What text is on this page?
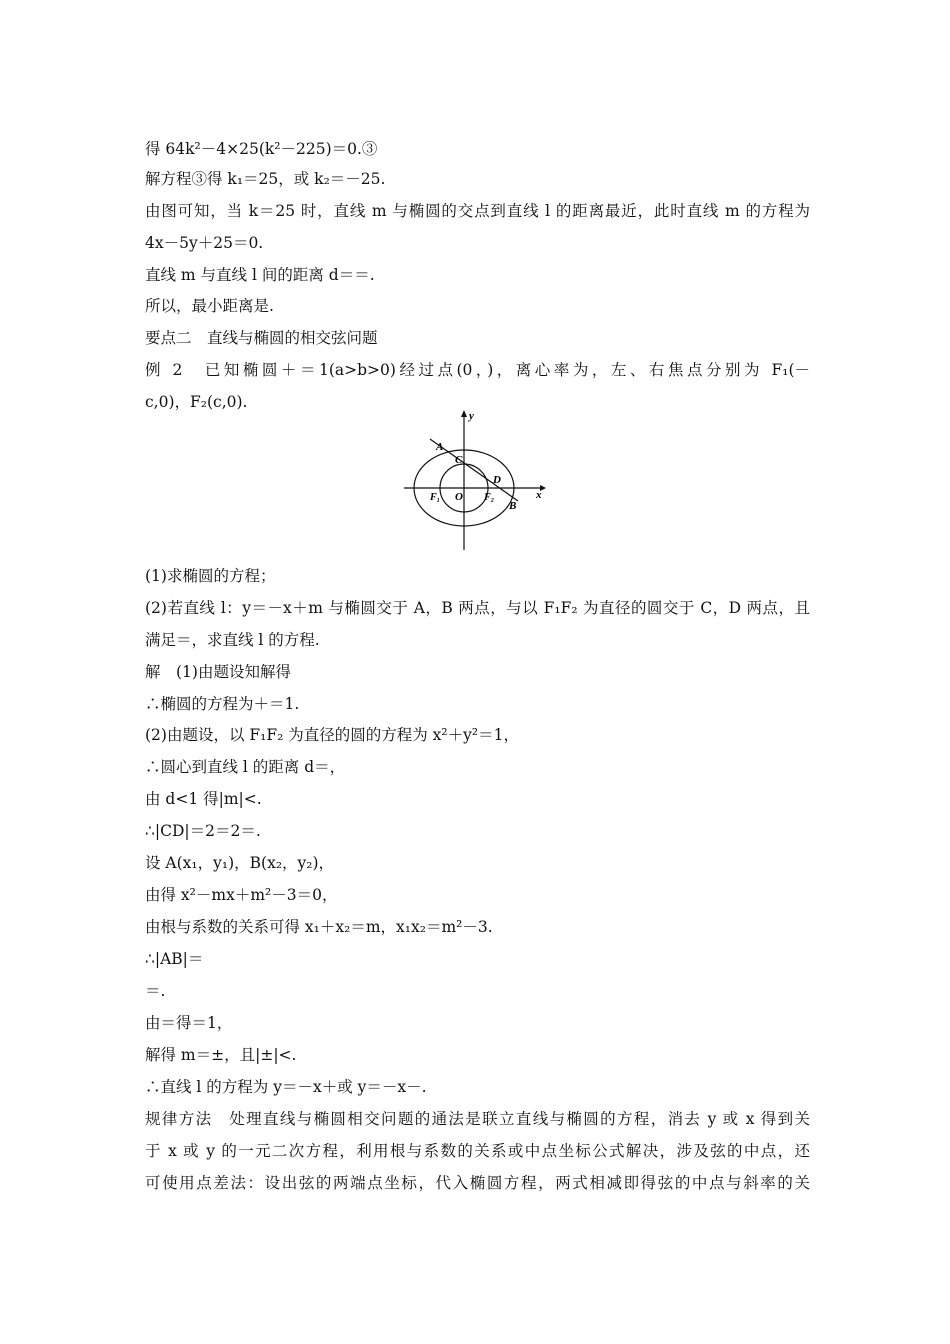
得 64k²－4×25(k²－225)＝0.③
解方程③得 k₁＝25，或 k₂＝－25.
由图可知，当 k＝25 时，直线 m 与椭圆的交点到直线 l 的距离最近，此时直线 m 的方程为
4x－5y＋25＝0.
直线 m 与直线 l 间的距离 d＝＝.
所以，最小距离是.
要点二　直线与椭圆的相交弦问题
例 2　已知椭圆＋＝1(a>b>0)经过点(0，)，离心率为，左、右焦点分别为 F₁(－
c,0)，F₂(c,0).
A
C
D
B
O
F₁	F₂
y
x
(1)求椭圆的方程；
(2)若直线 l：y＝－x＋m 与椭圆交于 A，B 两点，与以 F₁F₂ 为直径的圆交于 C，D 两点，且
满足＝，求直线 l 的方程.
解　(1)由题设知解得
∴椭圆的方程为＋＝1.
(2)由题设，以 F₁F₂ 为直径的圆的方程为 x²＋y²＝1，
∴圆心到直线 l 的距离 d＝，
由 d<1 得|m|<.
∴|CD|＝2＝2＝.
设 A(x₁，y₁)，B(x₂，y₂)，
由得 x²－mx＋m²－3＝0，
由根与系数的关系可得 x₁＋x₂＝m，x₁x₂＝m²－3.
∴|AB|＝
＝.
由＝得＝1，
解得 m＝±，且|±|<.
∴直线 l 的方程为 y＝－x＋或 y＝－x－.
规律方法　处理直线与椭圆相交问题的通法是联立直线与椭圆的方程，消去 y 或 x 得到关
于 x 或 y 的一元二次方程，利用根与系数的关系或中点坐标公式解决，涉及弦的中点，还
可使用点差法：设出弦的两端点坐标，代入椭圆方程，两式相减即得弦的中点与斜率的关
